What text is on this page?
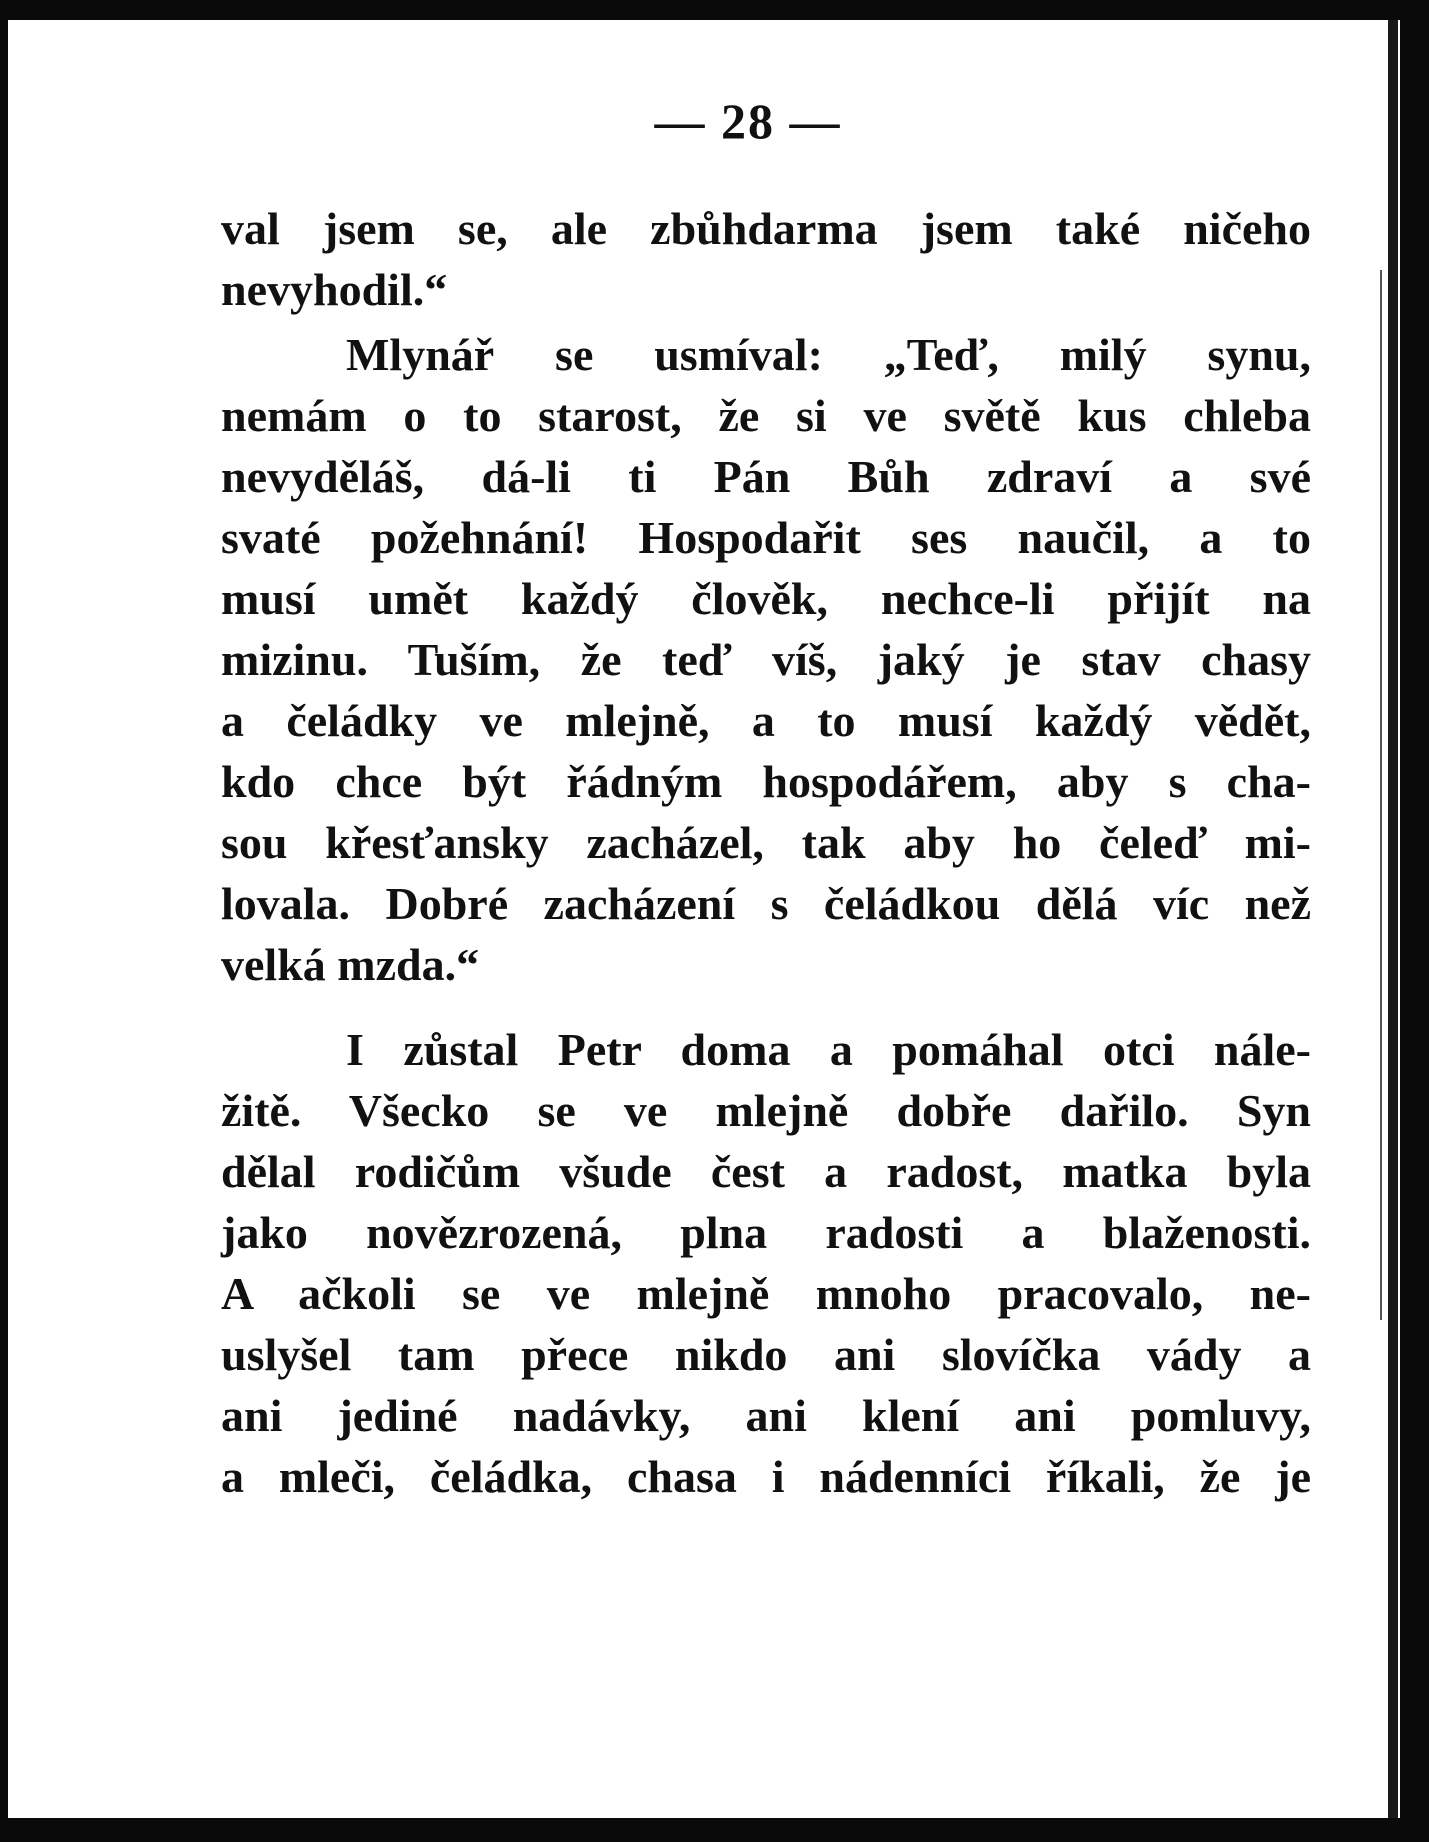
— 28 —
val jsem se, ale zbůhdarma jsem také ničeho
nevyhodil.“
Mlynář se usmíval: „Teď, milý synu,
nemám o to starost, že si ve světě kus chleba
nevyděláš, dá-li ti Pán Bůh zdraví a své
svaté požehnání! Hospodařit ses naučil, a to
musí umět každý člověk, nechce-li přijít na
mizinu. Tuším, že teď víš, jaký je stav chasy
a čeládky ve mlejně, a to musí každý vědět,
kdo chce být řádným hospodářem, aby s cha-
sou křesťansky zacházel, tak aby ho čeleď mi-
lovala. Dobré zacházení s čeládkou dělá víc než
velká mzda.“
I zůstal Petr doma a pomáhal otci nále-
žitě. Všecko se ve mlejně dobře dařilo. Syn
dělal rodičům všude čest a radost, matka byla
jako novězrozená, plna radosti a blaženosti.
A ačkoli se ve mlejně mnoho pracovalo, ne-
uslyšel tam přece nikdo ani slovíčka vády a
ani jediné nadávky, ani klení ani pomluvy,
a mleči, čeládka, chasa i nádenníci říkali, že je
